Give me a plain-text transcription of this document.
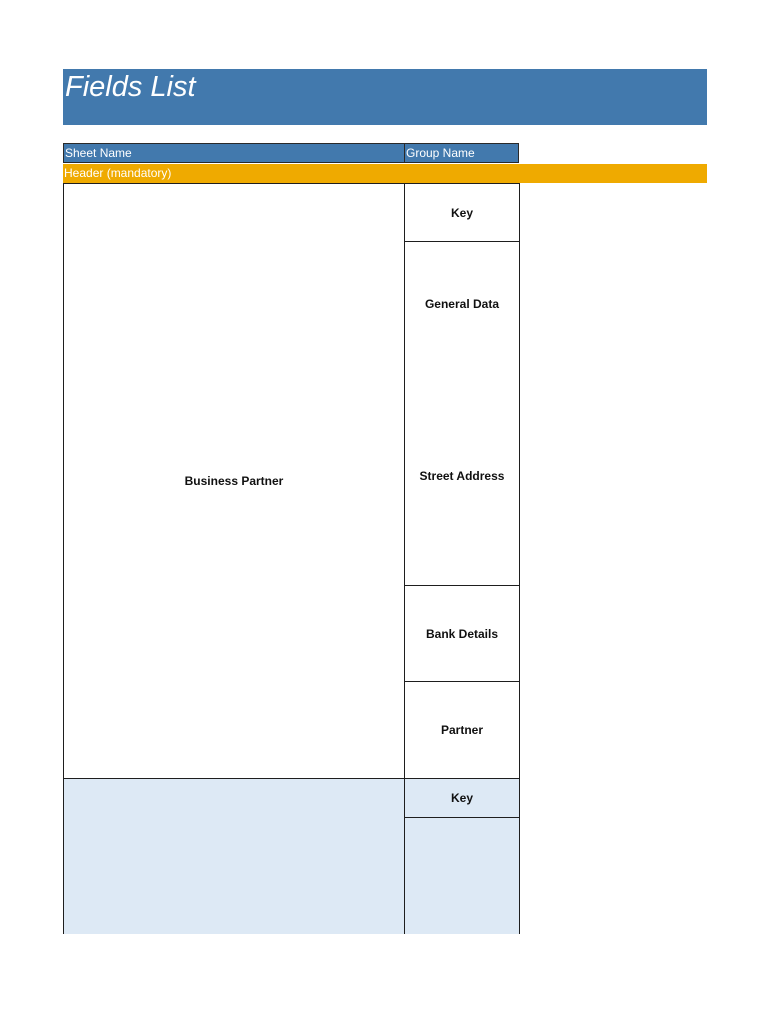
Fields List
Sheet Name	Group Name
Header (mandatory)
Business Partner
Key
General Data
Street Address
Bank Details
Partner
Key
